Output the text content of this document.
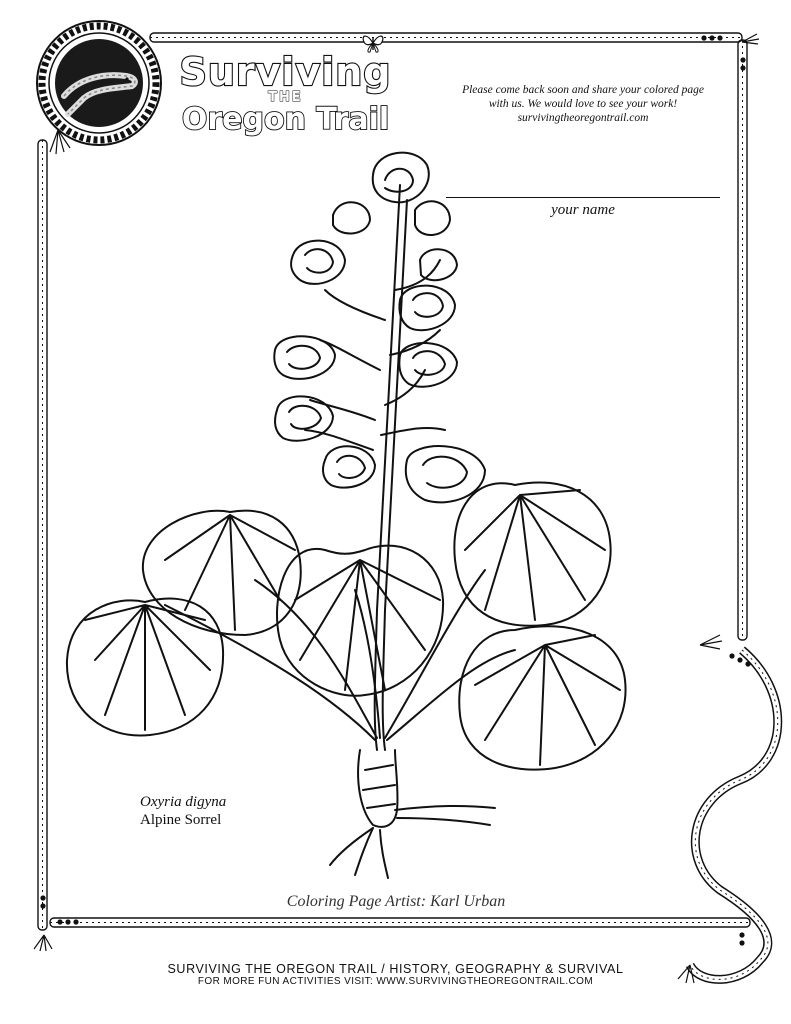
Surviving
THE
Oregon Trail
Please come back soon and share your colored page
with us. We would love to see your work!
survivingtheoregontrail.com
your name
Oxyria digyna
Alpine Sorrel
Coloring Page Artist: Karl Urban
SURVIVING THE OREGON TRAIL / HISTORY, GEOGRAPHY & SURVIVAL
FOR MORE FUN ACTIVITIES VISIT: WWW.SURVIVINGTHEOREGONTRAIL.COM
